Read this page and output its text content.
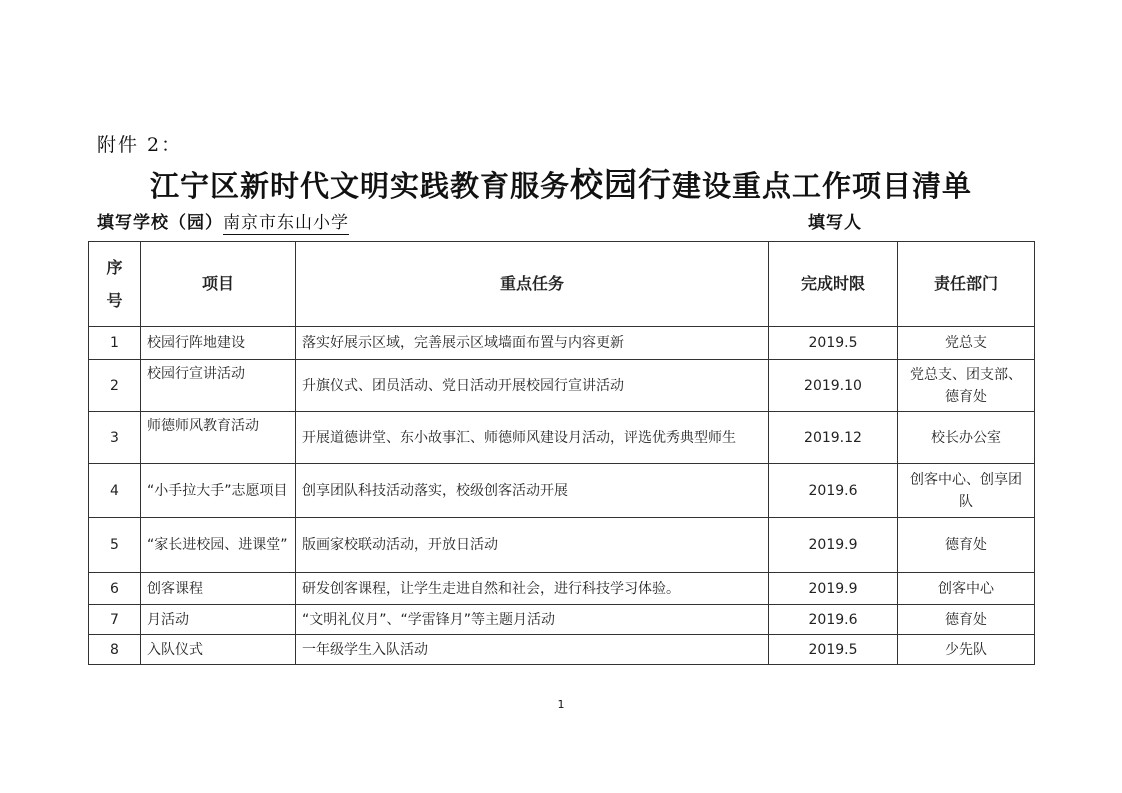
附件 2：
江宁区新时代文明实践教育服务校园行建设重点工作项目清单
填写学校（园）南京市东山小学	填写人
序
号	项目	重点任务	完成时限	责任部门
1	校园行阵地建设	落实好展示区域，完善展示区域墙面布置与内容更新	2019.5	党总支
2	校园行宣讲活动	升旗仪式、团员活动、党日活动开展校园行宣讲活动	2019.10	党总支、团支部、德育处
3	师德师风教育活动	开展道德讲堂、东小故事汇、师德师风建设月活动，评选优秀典型师生	2019.12	校长办公室
4	“小手拉大手”志愿项目	创享团队科技活动落实，校级创客活动开展	2019.6	创客中心、创享团队
5	“家长进校园、进课堂”	版画家校联动活动，开放日活动	2019.9	德育处
6	创客课程	研发创客课程，让学生走进自然和社会，进行科技学习体验。	2019.9	创客中心
7	月活动	“文明礼仪月”、“学雷锋月”等主题月活动	2019.6	德育处
8	入队仪式	一年级学生入队活动	2019.5	少先队
1
